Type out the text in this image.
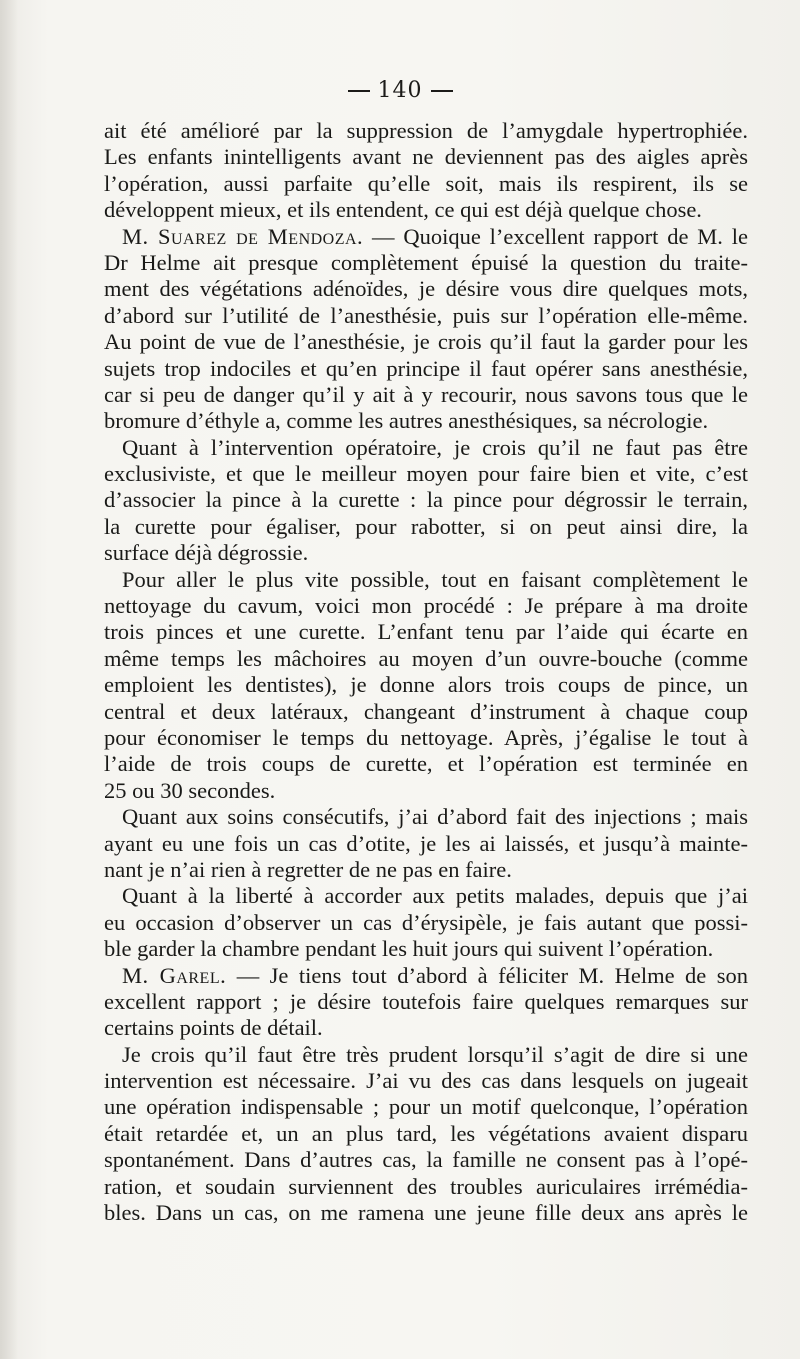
140
ait été amélioré par la suppression de l’amygdale hypertrophiée.
Les enfants inintelligents avant ne deviennent pas des aigles après
l’opération, aussi parfaite qu’elle soit, mais ils respirent, ils se
développent mieux, et ils entendent, ce qui est déjà quelque chose.
M. Suarez de Mendoza. — Quoique l’excellent rapport de M. le
Dr Helme ait presque complètement épuisé la question du traite-
ment des végétations adénoïdes, je désire vous dire quelques mots,
d’abord sur l’utilité de l’anesthésie, puis sur l’opération elle-même.
Au point de vue de l’anesthésie, je crois qu’il faut la garder pour les
sujets trop indociles et qu’en principe il faut opérer sans anesthésie,
car si peu de danger qu’il y ait à y recourir, nous savons tous que le
bromure d’éthyle a, comme les autres anesthésiques, sa nécrologie.
Quant à l’intervention opératoire, je crois qu’il ne faut pas être
exclusiviste, et que le meilleur moyen pour faire bien et vite, c’est
d’associer la pince à la curette : la pince pour dégrossir le terrain,
la curette pour égaliser, pour rabotter, si on peut ainsi dire, la
surface déjà dégrossie.
Pour aller le plus vite possible, tout en faisant complètement le
nettoyage du cavum, voici mon procédé : Je prépare à ma droite
trois pinces et une curette. L’enfant tenu par l’aide qui écarte en
même temps les mâchoires au moyen d’un ouvre-bouche (comme
emploient les dentistes), je donne alors trois coups de pince, un
central et deux latéraux, changeant d’instrument à chaque coup
pour économiser le temps du nettoyage. Après, j’égalise le tout à
l’aide de trois coups de curette, et l’opération est terminée en
25 ou 30 secondes.
Quant aux soins consécutifs, j’ai d’abord fait des injections ; mais
ayant eu une fois un cas d’otite, je les ai laissés, et jusqu’à mainte-
nant je n’ai rien à regretter de ne pas en faire.
Quant à la liberté à accorder aux petits malades, depuis que j’ai
eu occasion d’observer un cas d’érysipèle, je fais autant que possi-
ble garder la chambre pendant les huit jours qui suivent l’opération.
M. Garel. — Je tiens tout d’abord à féliciter M. Helme de son
excellent rapport ; je désire toutefois faire quelques remarques sur
certains points de détail.
Je crois qu’il faut être très prudent lorsqu’il s’agit de dire si une
intervention est nécessaire. J’ai vu des cas dans lesquels on jugeait
une opération indispensable ; pour un motif quelconque, l’opération
était retardée et, un an plus tard, les végétations avaient disparu
spontanément. Dans d’autres cas, la famille ne consent pas à l’opé-
ration, et soudain surviennent des troubles auriculaires irrémédia-
bles. Dans un cas, on me ramena une jeune fille deux ans après le
